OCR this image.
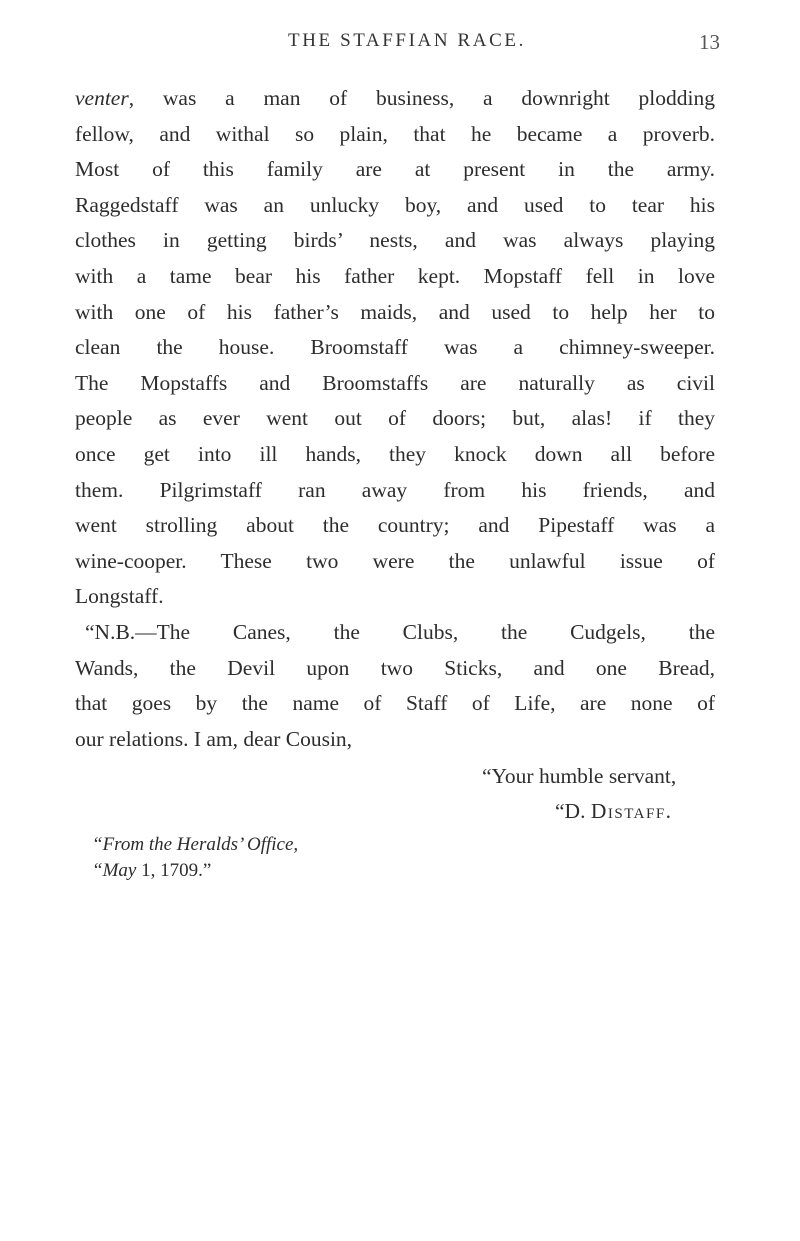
THE STAFFIAN RACE.	13
venter, was a man of business, a downright plodding
fellow, and withal so plain, that he became a proverb.
Most of this family are at present in the army.
Raggedstaff was an unlucky boy, and used to tear his
clothes in getting birds’ nests, and was always playing
with a tame bear his father kept. Mopstaff fell in love
with one of his father’s maids, and used to help her to
clean the house. Broomstaff was a chimney-sweeper.
The Mopstaffs and Broomstaffs are naturally as civil
people as ever went out of doors; but, alas! if they
once get into ill hands, they knock down all before
them. Pilgrimstaff ran away from his friends, and
went strolling about the country; and Pipestaff was a
wine-cooper. These two were the unlawful issue of
Longstaff.
“N.B.—The Canes, the Clubs, the Cudgels, the
Wands, the Devil upon two Sticks, and one Bread,
that goes by the name of Staff of Life, are none of
our relations. I am, dear Cousin,
“Your humble servant,
“D. Distaff.
“From the Heralds’ Office,
“May 1, 1709.”
